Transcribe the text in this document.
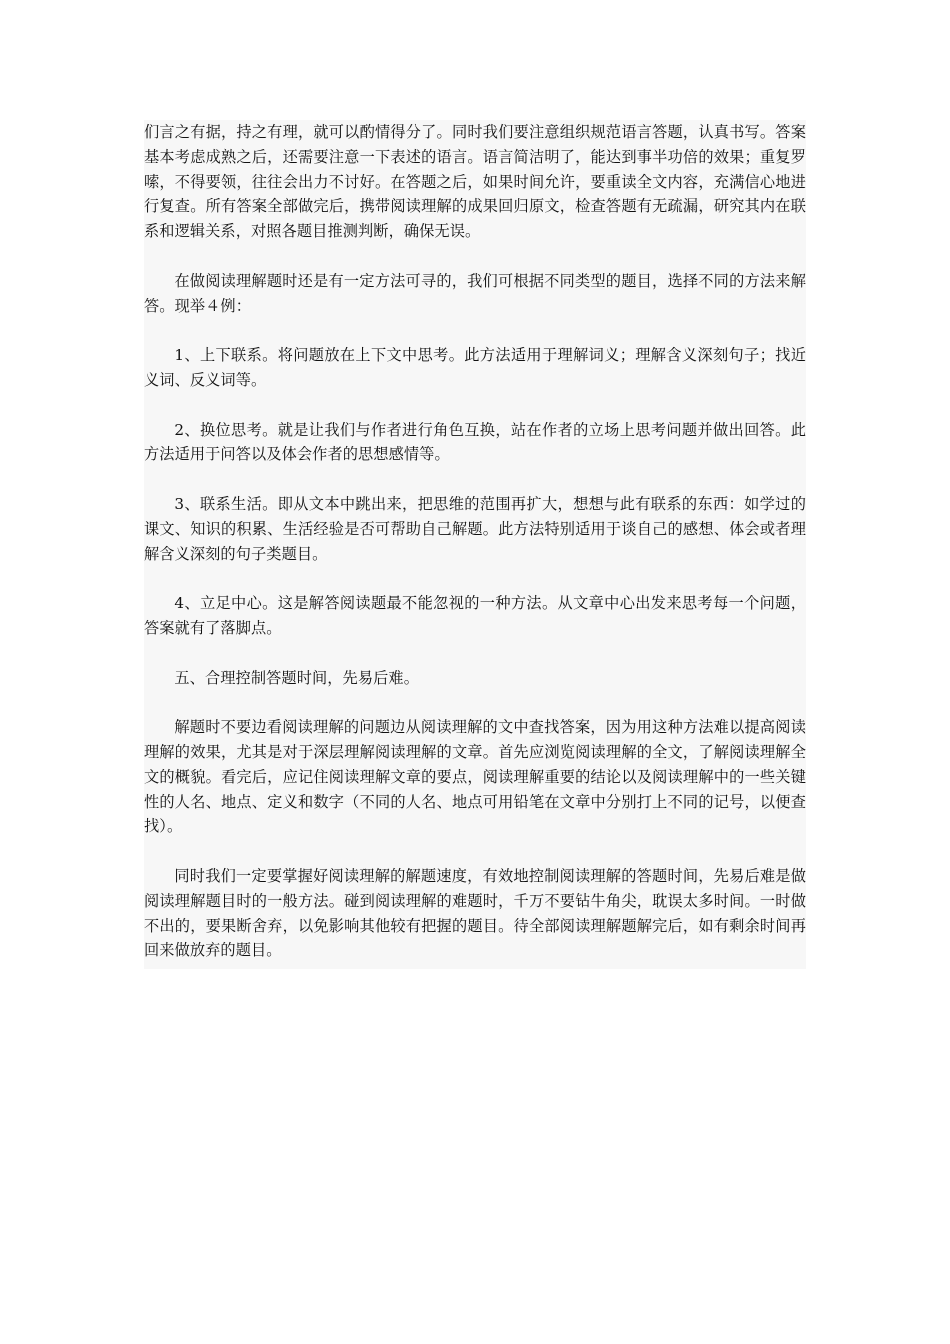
们言之有据，持之有理，就可以酌情得分了。同时我们要注意组织规范语言答题，认真书写。答案基本考虑成熟之后，还需要注意一下表述的语言。语言简洁明了，能达到事半功倍的效果；重复罗嗦，不得要领，往往会出力不讨好。在答题之后，如果时间允许，要重读全文内容，充满信心地进行复查。所有答案全部做完后，携带阅读理解的成果回归原文，检查答题有无疏漏，研究其内在联系和逻辑关系，对照各题目推测判断，确保无误。

在做阅读理解题时还是有一定方法可寻的，我们可根据不同类型的题目，选择不同的方法来解答。现举４例：

1、上下联系。将问题放在上下文中思考。此方法适用于理解词义；理解含义深刻句子；找近义词、反义词等。

2、换位思考。就是让我们与作者进行角色互换，站在作者的立场上思考问题并做出回答。此方法适用于问答以及体会作者的思想感情等。

3、联系生活。即从文本中跳出来，把思维的范围再扩大，想想与此有联系的东西：如学过的课文、知识的积累、生活经验是否可帮助自己解题。此方法特别适用于谈自己的感想、体会或者理解含义深刻的句子类题目。

4、立足中心。这是解答阅读题最不能忽视的一种方法。从文章中心出发来思考每一个问题，答案就有了落脚点。

五、合理控制答题时间，先易后难。

解题时不要边看阅读理解的问题边从阅读理解的文中查找答案，因为用这种方法难以提高阅读理解的效果，尤其是对于深层理解阅读理解的文章。首先应浏览阅读理解的全文，了解阅读理解全文的概貌。看完后，应记住阅读理解文章的要点，阅读理解重要的结论以及阅读理解中的一些关键性的人名、地点、定义和数字（不同的人名、地点可用铅笔在文章中分别打上不同的记号，以便查找）。

同时我们一定要掌握好阅读理解的解题速度，有效地控制阅读理解的答题时间，先易后难是做阅读理解题目时的一般方法。碰到阅读理解的难题时，千万不要钻牛角尖，耽误太多时间。一时做不出的，要果断舍弃，以免影响其他较有把握的题目。待全部阅读理解题解完后，如有剩余时间再回来做放弃的题目。
